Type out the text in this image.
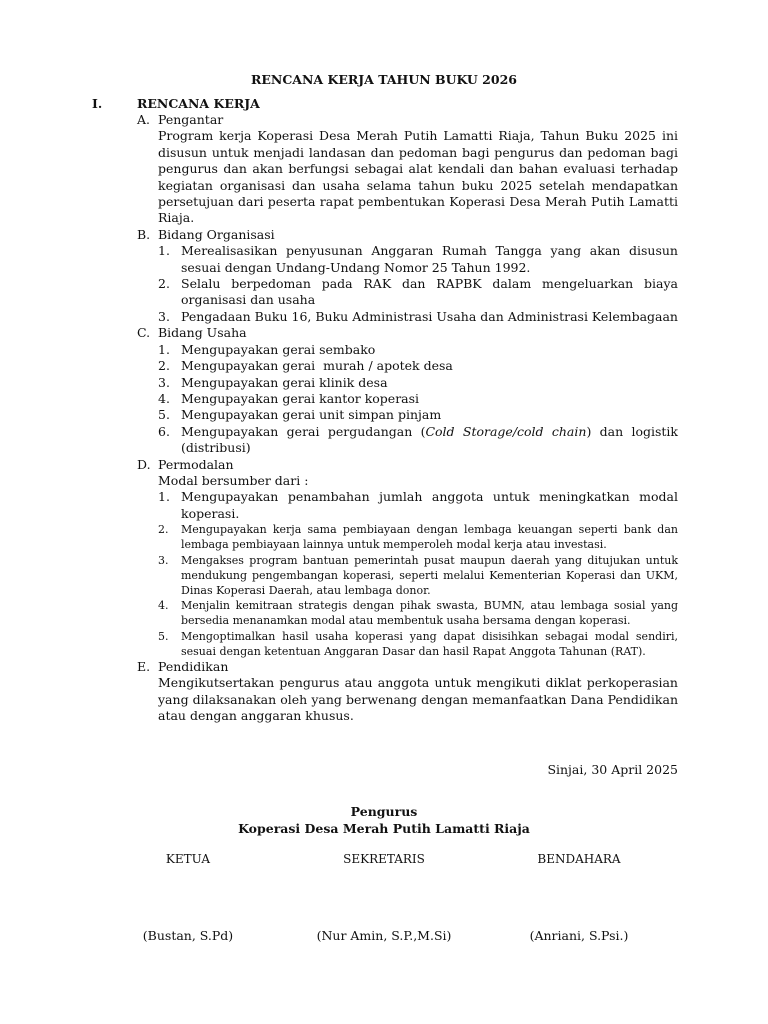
RENCANA KERJA TAHUN BUKU 2026
I.	RENCANA KERJA
A. Pengantar
Program kerja Koperasi Desa Merah Putih Lamatti Riaja, Tahun Buku 2025 ini disusun untuk menjadi landasan dan pedoman bagi pengurus dan pedoman bagi pengurus dan akan berfungsi sebagai alat kendali dan bahan evaluasi terhadap kegiatan organisasi dan usaha selama tahun buku 2025 setelah mendapatkan persetujuan dari peserta rapat pembentukan Koperasi Desa Merah Putih Lamatti Riaja.
B. Bidang Organisasi
1. Merealisasikan penyusunan Anggaran Rumah Tangga yang akan disusun sesuai dengan Undang-Undang Nomor 25 Tahun 1992.
2. Selalu berpedoman pada RAK dan RAPBK dalam mengeluarkan biaya organisasi dan usaha
3. Pengadaan Buku 16, Buku Administrasi Usaha dan Administrasi Kelembagaan
C. Bidang Usaha
1. Mengupayakan gerai sembako
2. Mengupayakan gerai  murah / apotek desa
3. Mengupayakan gerai klinik desa
4. Mengupayakan gerai kantor koperasi
5. Mengupayakan gerai unit simpan pinjam
6. Mengupayakan gerai pergudangan (Cold Storage/cold chain) dan logistik (distribusi)
D. Permodalan
Modal bersumber dari :
1. Mengupayakan penambahan jumlah anggota untuk meningkatkan modal koperasi.
2.	Mengupayakan kerja sama pembiayaan dengan lembaga keuangan seperti bank dan lembaga pembiayaan lainnya untuk memperoleh modal kerja atau investasi.
3.	Mengakses program bantuan pemerintah pusat maupun daerah yang ditujukan untuk mendukung pengembangan koperasi, seperti melalui Kementerian Koperasi dan UKM, Dinas Koperasi Daerah, atau lembaga donor.
4.	Menjalin kemitraan strategis dengan pihak swasta, BUMN, atau lembaga sosial yang bersedia menanamkan modal atau membentuk usaha bersama dengan koperasi.
5.	Mengoptimalkan hasil usaha koperasi yang dapat disisihkan sebagai modal sendiri, sesuai dengan ketentuan Anggaran Dasar dan hasil Rapat Anggota Tahunan (RAT).
E. Pendidikan
Mengikutsertakan pengurus atau anggota untuk mengikuti diklat perkoperasian yang dilaksanakan oleh yang berwenang dengan memanfaatkan Dana Pendidikan atau dengan anggaran khusus.
Sinjai, 30 April 2025
Pengurus
Koperasi Desa Merah Putih Lamatti Riaja
KETUA	SEKRETARIS	BENDAHARA
(Bustan, S.Pd)	(Nur Amin, S.P.,M.Si)	(Anriani, S.Psi.)
